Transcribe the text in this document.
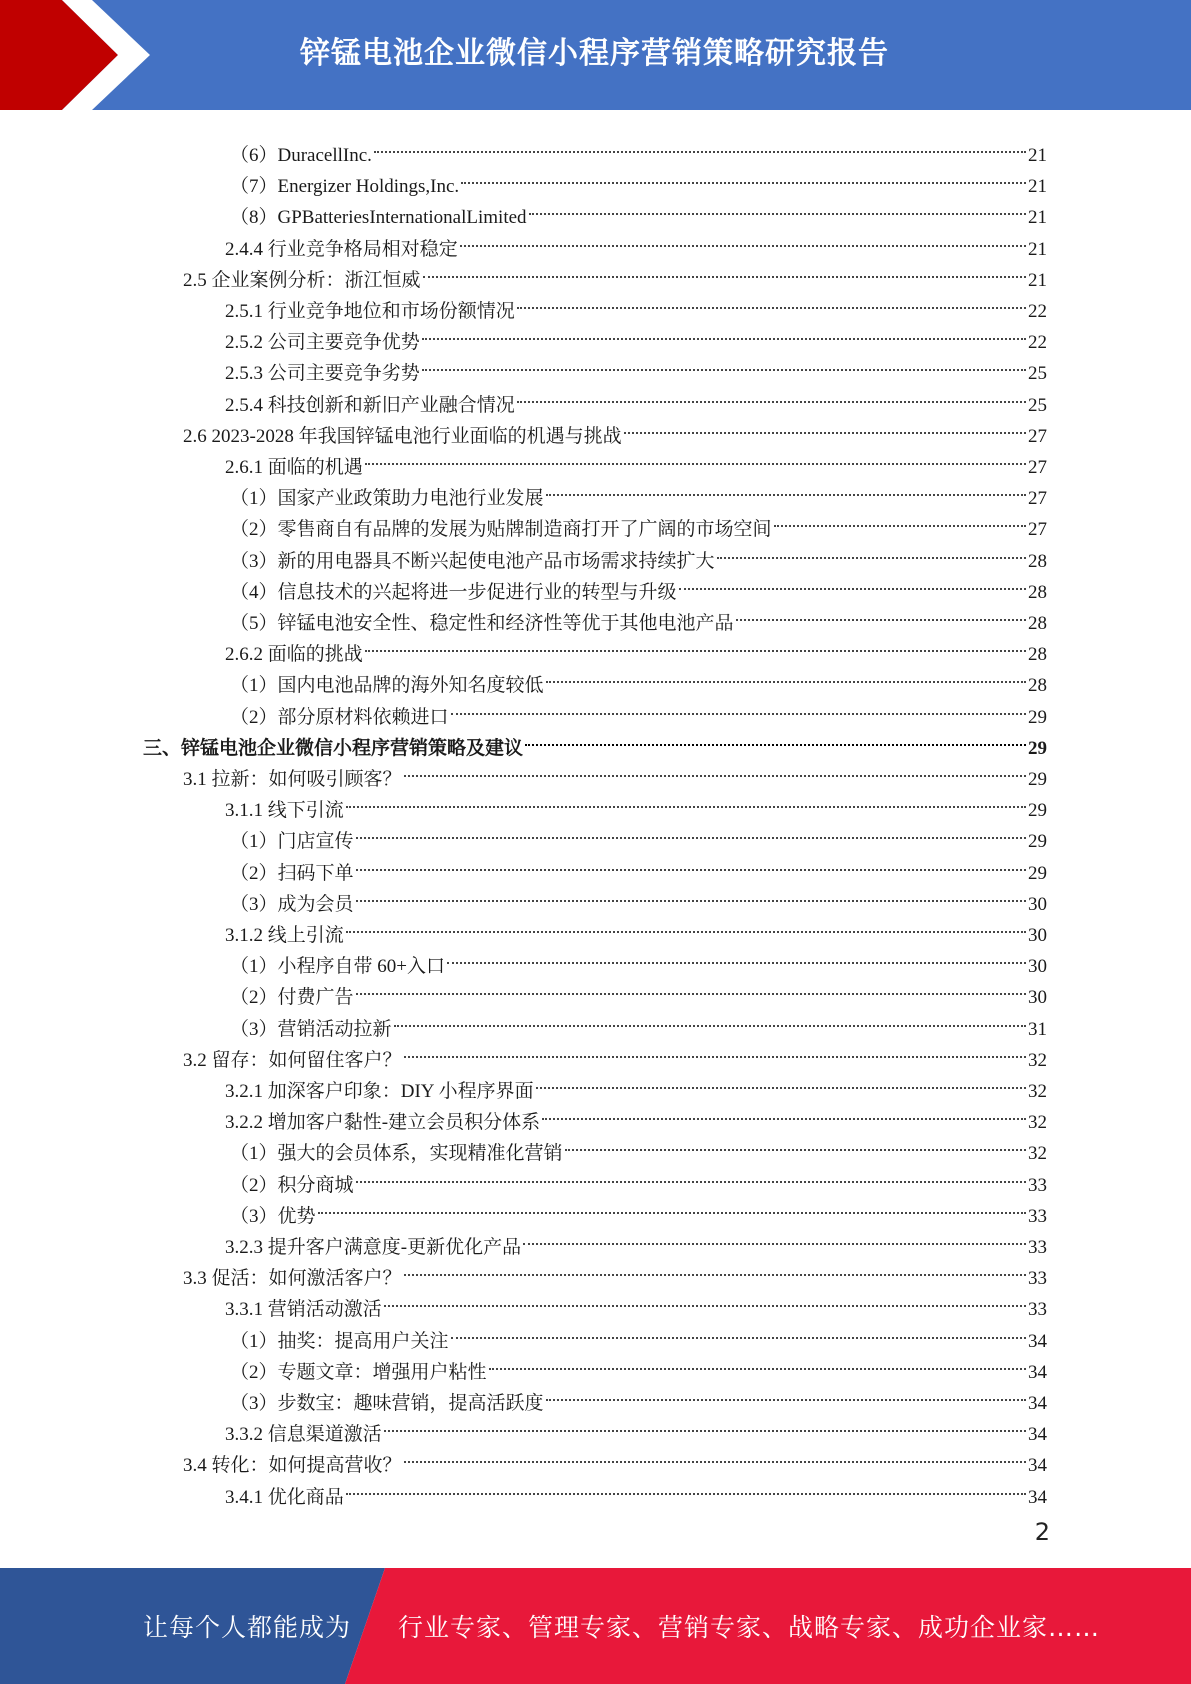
锌锰电池企业微信小程序营销策略研究报告
（6）DuracellInc.	21
（7）Energizer Holdings,Inc.	21
（8）GPBatteriesInternationalLimited	21
2.4.4 行业竞争格局相对稳定	21
2.5 企业案例分析：浙江恒威	21
2.5.1 行业竞争地位和市场份额情况	22
2.5.2 公司主要竞争优势	22
2.5.3 公司主要竞争劣势	25
2.5.4 科技创新和新旧产业融合情况	25
2.6 2023-2028 年我国锌锰电池行业面临的机遇与挑战	27
2.6.1 面临的机遇	27
（1）国家产业政策助力电池行业发展	27
（2）零售商自有品牌的发展为贴牌制造商打开了广阔的市场空间	27
（3）新的用电器具不断兴起使电池产品市场需求持续扩大	28
（4）信息技术的兴起将进一步促进行业的转型与升级	28
（5）锌锰电池安全性、稳定性和经济性等优于其他电池产品	28
2.6.2 面临的挑战	28
（1）国内电池品牌的海外知名度较低	28
（2）部分原材料依赖进口	29
三、锌锰电池企业微信小程序营销策略及建议	29
3.1 拉新：如何吸引顾客？	29
3.1.1 线下引流	29
（1）门店宣传	29
（2）扫码下单	29
（3）成为会员	30
3.1.2 线上引流	30
（1）小程序自带 60+入口	30
（2）付费广告	30
（3）营销活动拉新	31
3.2 留存：如何留住客户？	32
3.2.1 加深客户印象：DIY 小程序界面	32
3.2.2 增加客户黏性-建立会员积分体系	32
（1）强大的会员体系，实现精准化营销	32
（2）积分商城	33
（3）优势	33
3.2.3 提升客户满意度-更新优化产品	33
3.3 促活：如何激活客户？	33
3.3.1 营销活动激活	33
（1）抽奖：提高用户关注	34
（2）专题文章：增强用户粘性	34
（3）步数宝：趣味营销，提高活跃度	34
3.3.2 信息渠道激活	34
3.4 转化：如何提高营收？	34
3.4.1 优化商品	34
2
让每个人都能成为 行业专家、管理专家、营销专家、战略专家、成功企业家……
